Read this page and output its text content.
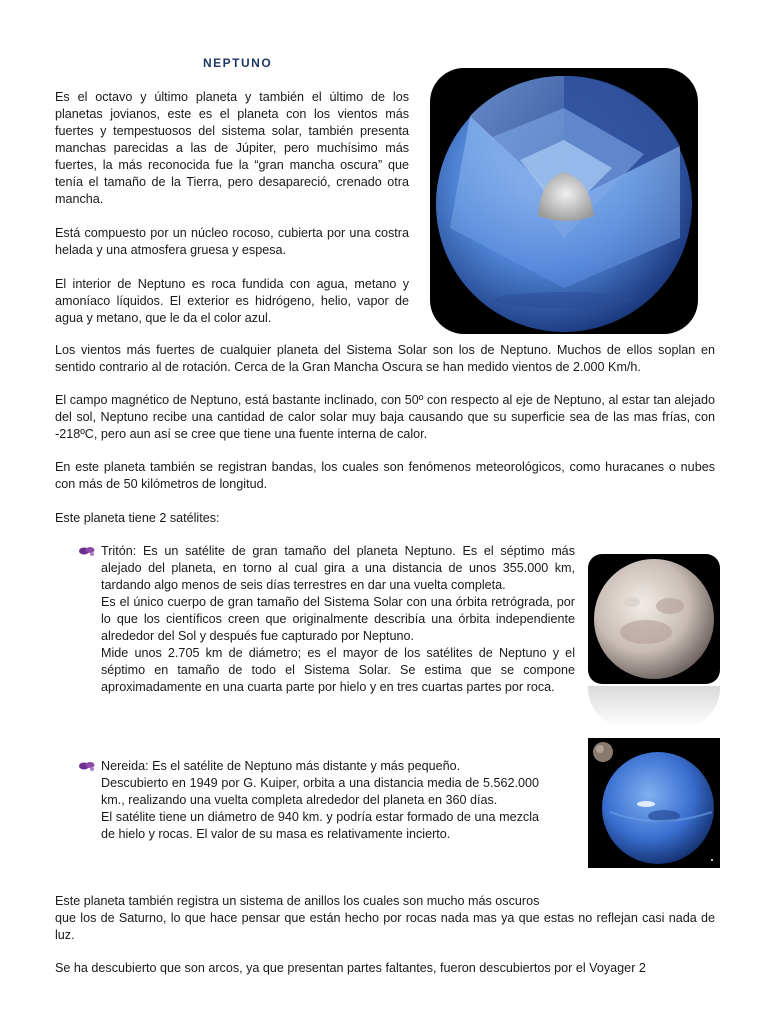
NEPTUNO

Es el octavo y último planeta y también el último de los planetas jovianos, este es el planeta con los vientos más fuertes y tempestuosos del sistema solar, también presenta manchas parecidas a las de Júpiter, pero muchísimo más fuertes, la más reconocida fue la “gran mancha oscura” que tenía el tamaño de la Tierra, pero desapareció, crenado otra mancha.

Está compuesto por un núcleo rocoso, cubierta por una costra helada y una atmosfera gruesa y espesa.

El interior de Neptuno es roca fundida con agua, metano y amoníaco líquidos. El exterior es hidrógeno, helio, vapor de agua y metano, que le da el color azul.

Los vientos más fuertes de cualquier planeta del Sistema Solar son los de Neptuno. Muchos de ellos soplan en sentido contrario al de rotación. Cerca de la Gran Mancha Oscura se han medido vientos de 2.000 Km/h.

El campo magnético de Neptuno, está bastante inclinado, con 50º con respecto al eje de Neptuno, al estar tan alejado del sol, Neptuno recibe una cantidad de calor solar muy baja causando que su superficie sea de las mas frías, con -218ºC, pero aun así se cree que tiene una fuente interna de calor.

En este planeta también se registran bandas, los cuales son fenómenos meteorológicos, como huracanes o nubes con más de 50 kilómetros de longitud.

Este planeta tiene 2 satélites:

Tritón: Es un satélite de gran tamaño del planeta Neptuno. Es el séptimo más alejado del planeta, en torno al cual gira a una distancia de unos 355.000 km, tardando algo menos de seis días terrestres en dar una vuelta completa.

Es el único cuerpo de gran tamaño del Sistema Solar con una órbita retrógrada, por lo que los científicos creen que originalmente describía una órbita independiente alrededor del Sol y después fue capturado por Neptuno.

Mide unos 2.705 km de diámetro; es el mayor de los satélites de Neptuno y el séptimo en tamaño de todo el Sistema Solar. Se estima que se compone aproximadamente en una cuarta parte por hielo y en tres cuartas partes por roca.

Nereida: Es el satélite de Neptuno más distante y más pequeño.

Descubierto en 1949 por G. Kuiper, orbita a una distancia media de 5.562.000 km., realizando una vuelta completa alrededor del planeta en 360 días.

El satélite tiene un diámetro de 940 km. y podría estar formado de una mezcla de hielo y rocas. El valor de su masa es relativamente incierto.

Este planeta también registra un sistema de anillos los cuales son mucho más oscuros

que los de Saturno, lo que hace pensar que están hecho por rocas nada mas ya que estas no reflejan casi nada de luz.

Se ha descubierto que son arcos, ya que presentan partes faltantes, fueron descubiertos por el Voyager 2
